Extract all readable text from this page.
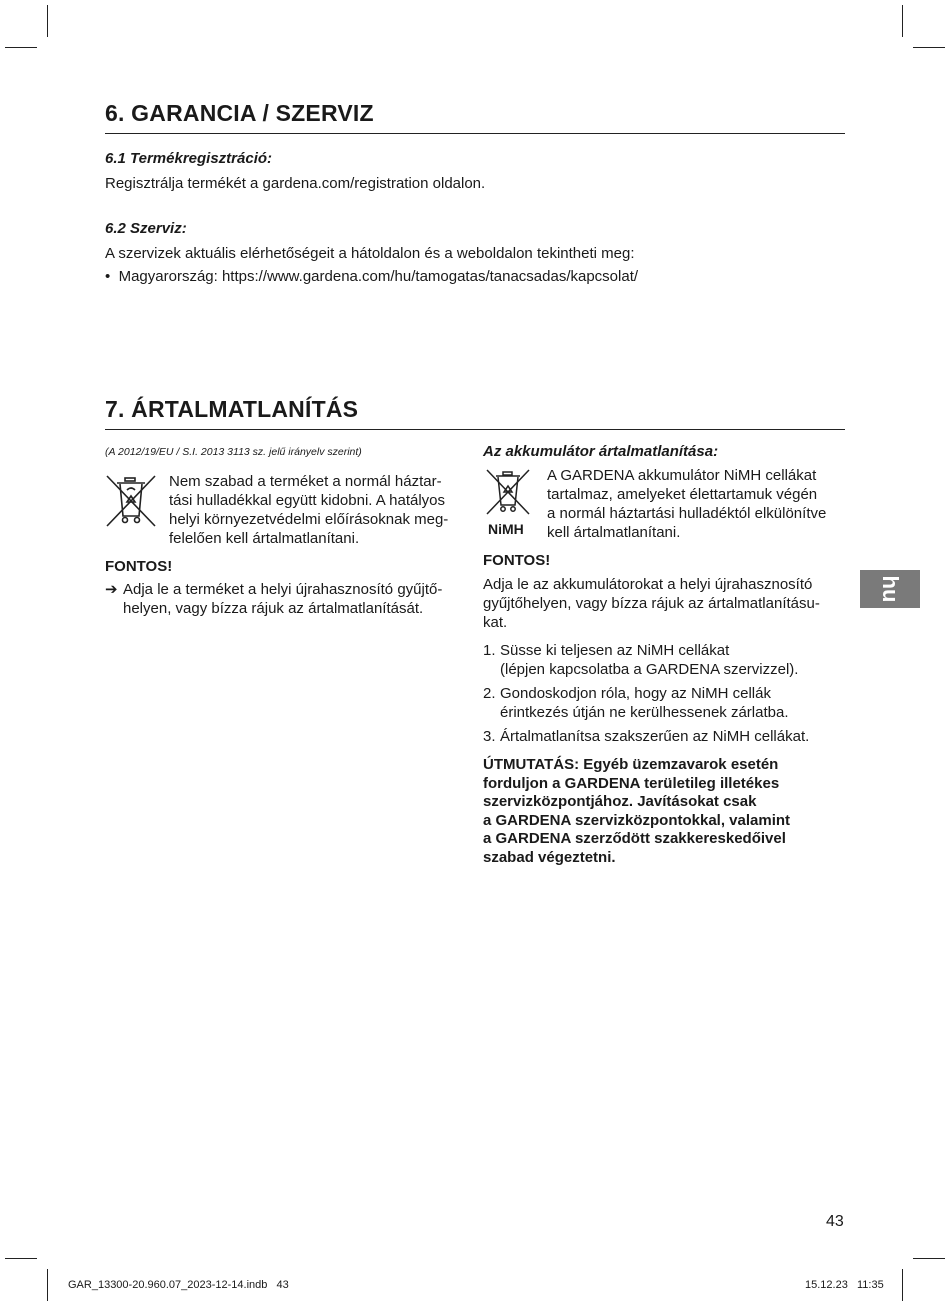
6. GARANCIA / SZERVIZ

6.1 Termékregisztráció:

Regisztrálja termékét a gardena.com/registration oldalon.

6.2 Szerviz:

A szervizek aktuális elérhetőségeit a hátoldalon és a weboldalon tekintheti meg:

•  Magyarország: https://www.gardena.com/hu/tamogatas/tanacsadas/kapcsolat/
7. ÁRTALMATLANÍTÁS
(A 2012/19/EU / S.I. 2013 3113 sz. jelű irányelv szerint)

Nem szabad a terméket a normál háztar-
tási hulladékkal együtt kidobni. A hatályos
helyi környezetvédelmi előírásoknak meg-
felelően kell ártalmatlanítani.

FONTOS!

➔ Adja le a terméket a helyi újrahasznosító gyűjtő-
helyen, vagy bízza rájuk az ártalmatlanítását.

Az akkumulátor ártalmatlanítása:

NiMH

A GARDENA akkumulátor NiMH cellákat
tartalmaz, amelyeket élettartamuk végén
a normál háztartási hulladéktól elkülönítve
kell ártalmatlanítani.

FONTOS!

Adja le az akkumulátorokat a helyi újrahasznosító
gyűjtőhelyen, vagy bízza rájuk az ártalmatlanításu-
kat.

1. Süsse ki teljesen az NiMH cellákat
(lépjen kapcsolatba a GARDENA szervizzel).
2. Gondoskodjon róla, hogy az NiMH cellák
érintkezés útján ne kerülhessenek zárlatba.
3. Ártalmatlanítsa szakszerűen az NiMH cellákat.

ÚTMUTATÁS: Egyéb üzemzavarok esetén
forduljon a GARDENA területileg illetékes
szervizközpontjához. Javításokat csak
a GARDENA szervizközpontokkal, valamint
a GARDENA szerződött szakkereskedőivel
szabad végeztetni.

hu
43
GAR_13300-20.960.07_2023-12-14.indb   43	15.12.23   11:35
